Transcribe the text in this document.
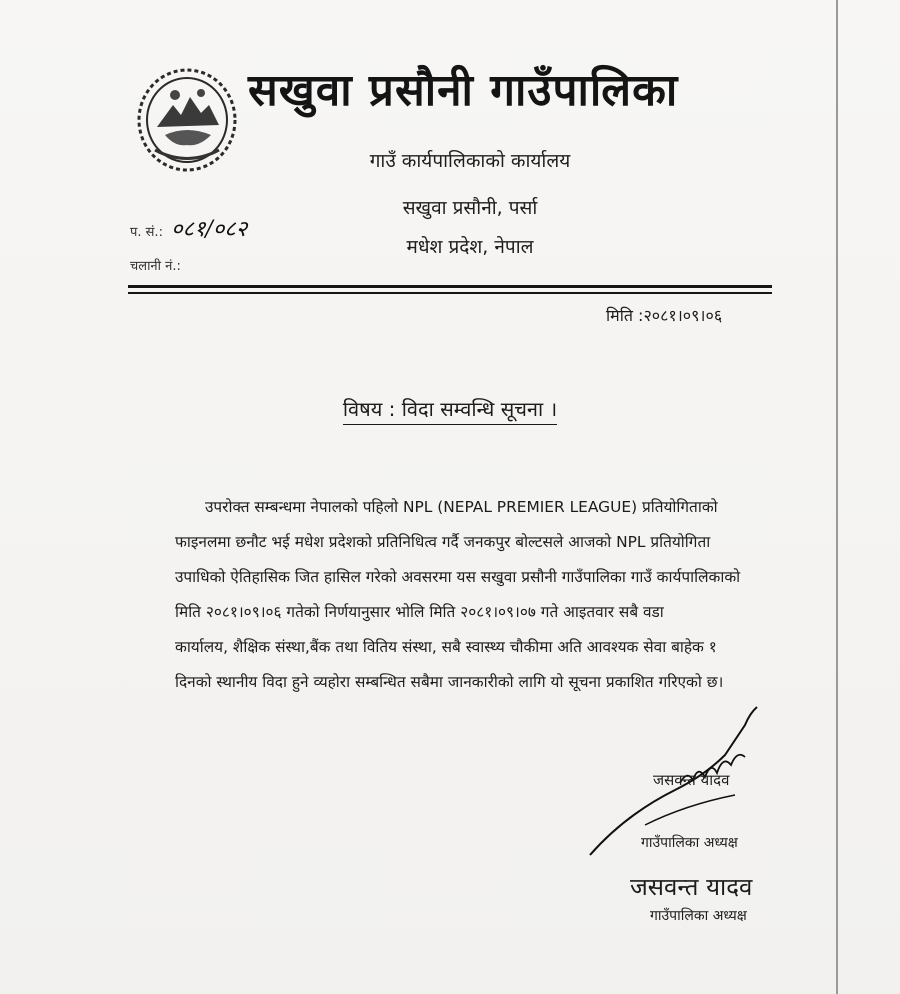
सखुवा प्रसौनी गाउँपालिका
गाउँ कार्यपालिकाको कार्यालय
सखुवा प्रसौनी, पर्सा
मधेश प्रदेश, नेपाल
प. सं.: ०८१/०८२
चलानी नं.:
मिति :२०८१।०९।०६
विषय : विदा सम्वन्धि सूचना ।
उपरोक्त सम्बन्धमा नेपालको पहिलो NPL (NEPAL PREMIER LEAGUE) प्रतियोगिताको
फाइनलमा छनौट भई मधेश प्रदेशको प्रतिनिधित्व गर्दै जनकपुर बोल्टसले आजको NPL प्रतियोगिता
उपाधिको ऐतिहासिक जित हासिल गरेको अवसरमा यस सखुवा प्रसौनी गाउँपालिका गाउँ कार्यपालिकाको
मिति २०८१।०९।०६ गतेको निर्णयानुसार भोलि मिति २०८१।०९।०७ गते आइतवार सबै वडा
कार्यालय, शैक्षिक संस्था,बैंक तथा वितिय संस्था, सबै स्वास्थ्य चौकीमा अति आवश्यक सेवा बाहेक १
दिनको स्थानीय विदा हुने व्यहोरा सम्बन्धित सबैमा जानकारीको लागि यो सूचना प्रकाशित गरिएको छ।
जसवन्त यादव
गाउँपालिका अध्यक्ष
जसवन्त यादव
गाउँपालिका अध्यक्ष
